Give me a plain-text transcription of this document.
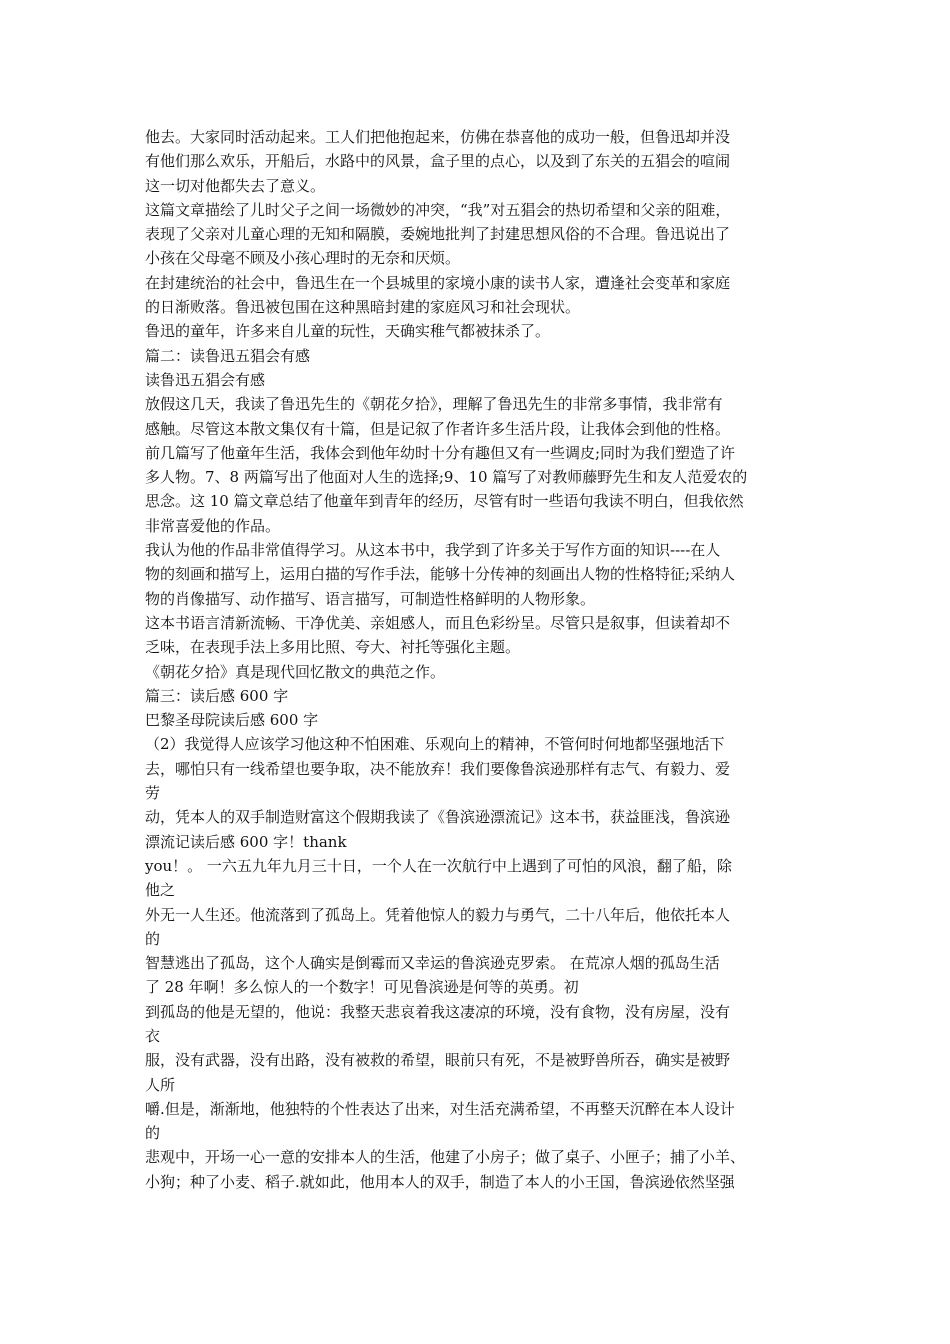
他去。大家同时活动起来。工人们把他抱起来，仿佛在恭喜他的成功一般，但鲁迅却并没
有他们那么欢乐，开船后，水路中的风景，盒子里的点心，以及到了东关的五猖会的喧闹
这一切对他都失去了意义。
这篇文章描绘了儿时父子之间一场微妙的冲突，“我”对五猖会的热切希望和父亲的阻难，
表现了父亲对儿童心理的无知和隔膜，委婉地批判了封建思想风俗的不合理。鲁迅说出了
小孩在父母毫不顾及小孩心理时的无奈和厌烦。
在封建统治的社会中，鲁迅生在一个县城里的家境小康的读书人家，遭逢社会变革和家庭
的日渐败落。鲁迅被包围在这种黑暗封建的家庭风习和社会现状。
鲁迅的童年，许多来自儿童的玩性，天确实稚气都被抹杀了。
篇二：读鲁迅五猖会有感
读鲁迅五猖会有感
放假这几天，我读了鲁迅先生的《朝花夕拾》，理解了鲁迅先生的非常多事情，我非常有
感触。尽管这本散文集仅有十篇，但是记叙了作者许多生活片段，让我体会到他的性格。
前几篇写了他童年生活，我体会到他年幼时十分有趣但又有一些调皮;同时为我们塑造了许
多人物。7、8 两篇写出了他面对人生的选择;9、10 篇写了对教师藤野先生和友人范爱农的
思念。这 10 篇文章总结了他童年到青年的经历，尽管有时一些语句我读不明白，但我依然
非常喜爱他的作品。
我认为他的作品非常值得学习。从这本书中，我学到了许多关于写作方面的知识----在人
物的刻画和描写上，运用白描的写作手法，能够十分传神的刻画出人物的性格特征;采纳人
物的肖像描写、动作描写、语言描写，可制造性格鲜明的人物形象。
这本书语言清新流畅、干净优美、亲姐感人，而且色彩纷呈。尽管只是叙事，但读着却不
乏味，在表现手法上多用比照、夸大、衬托等强化主题。
《朝花夕拾》真是现代回忆散文的典范之作。
篇三：读后感 600 字
巴黎圣母院读后感 600 字
（2）我觉得人应该学习他这种不怕困难、乐观向上的精神，不管何时何地都坚强地活下
去，哪怕只有一线希望也要争取，决不能放弃！我们要像鲁滨逊那样有志气、有毅力、爱
劳
动，凭本人的双手制造财富这个假期我读了《鲁滨逊漂流记》这本书，获益匪浅，鲁滨逊
漂流记读后感 600 字！thank
you！。 一六五九年九月三十日，一个人在一次航行中上遇到了可怕的风浪，翻了船，除
他之
外无一人生还。他流落到了孤岛上。凭着他惊人的毅力与勇气，二十八年后，他依托本人
的
智慧逃出了孤岛，这个人确实是倒霉而又幸运的鲁滨逊克罗索。 在荒凉人烟的孤岛生活
了 28 年啊！多么惊人的一个数字！可见鲁滨逊是何等的英勇。初
到孤岛的他是无望的，他说：我整天悲哀着我这凄凉的环境，没有食物，没有房屋，没有
衣
服，没有武器，没有出路，没有被救的希望，眼前只有死，不是被野兽所吞，确实是被野
人所
嚼.但是，渐渐地，他独特的个性表达了出来，对生活充满希望，不再整天沉醉在本人设计
的
悲观中，开场一心一意的安排本人的生活，他建了小房子；做了桌子、小匣子；捕了小羊、
小狗；种了小麦、稻子.就如此，他用本人的双手，制造了本人的小王国，鲁滨逊依然坚强
